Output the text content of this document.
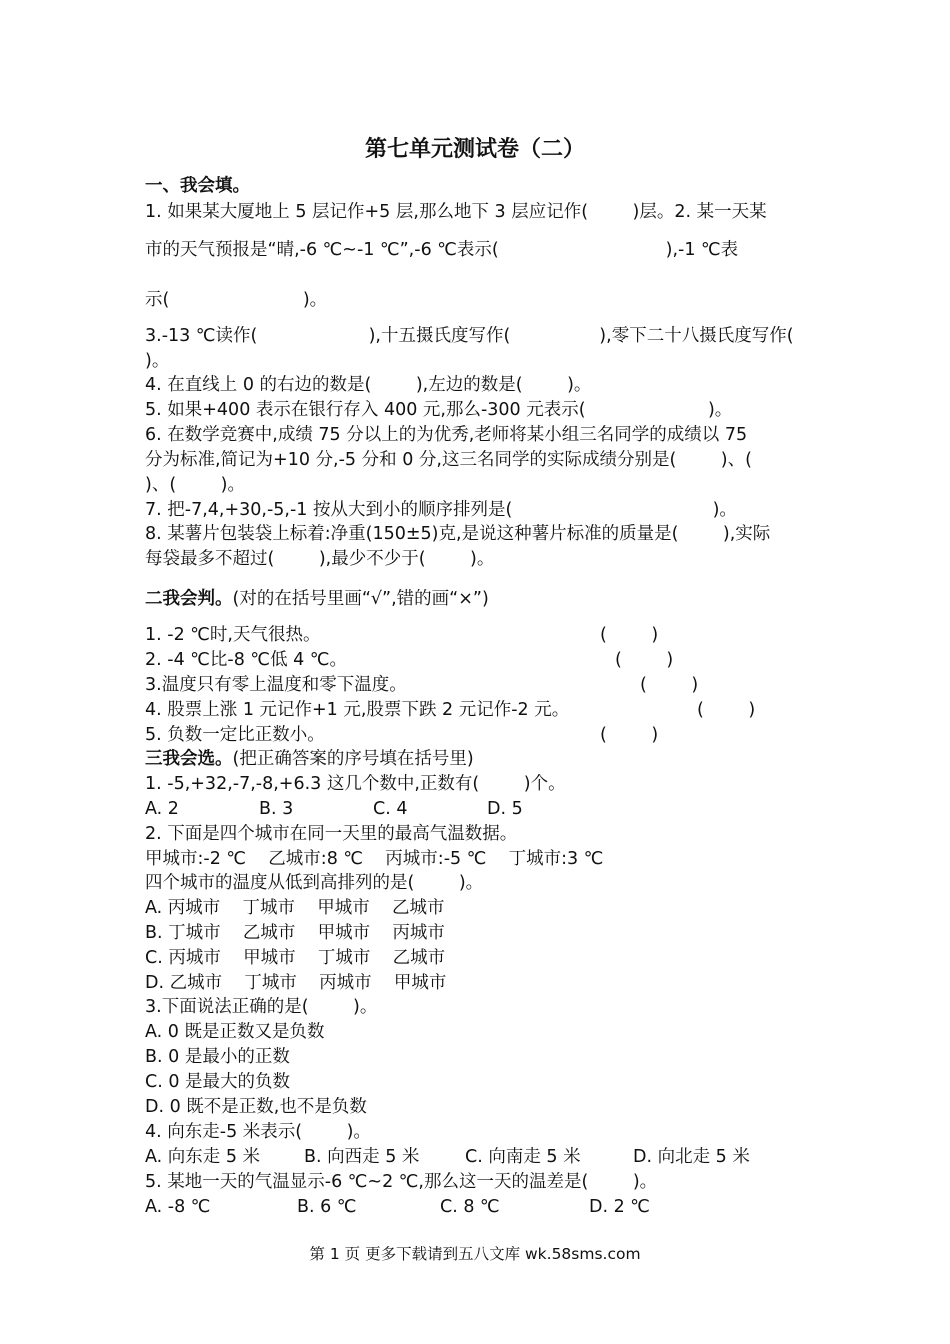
第七单元测试卷（二）
一、我会填。
1. 如果某大厦地上 5 层记作+5 层,那么地下 3 层应记作(        )层。2. 某一天某
市的天气预报是“晴,-6 ℃~-1 ℃”,-6 ℃表示(                              ),-1 ℃表
示(                        )。
3.-13 ℃读作(                    ),十五摄氏度写作(                ),零下二十八摄氏度写作(
)。
4. 在直线上 0 的右边的数是(        ),左边的数是(        )。
5. 如果+400 表示在银行存入 400 元,那么-300 元表示(                      )。
6. 在数学竞赛中,成绩 75 分以上的为优秀,老师将某小组三名同学的成绩以 75
分为标准,简记为+10 分,-5 分和 0 分,这三名同学的实际成绩分别是(        )、(
)、(        )。
7. 把-7,4,+30,-5,-1 按从大到小的顺序排列是(                                    )。
8. 某薯片包装袋上标着:净重(150±5)克,是说这种薯片标准的质量是(        ),实际
每袋最多不超过(        ),最少不少于(        )。
二我会判。(对的在括号里画“√”,错的画“×”)
1. -2 ℃时,天气很热。	(        )
2. -4 ℃比-8 ℃低 4 ℃。	(        )
3.温度只有零上温度和零下温度。	(        )
4. 股票上涨 1 元记作+1 元,股票下跌 2 元记作-2 元。	(        )
5. 负数一定比正数小。	(        )
三我会选。(把正确答案的序号填在括号里)
1. -5,+32,-7,-8,+6.3 这几个数中,正数有(        )个。

A. 2

	B. 3

	C. 4

	D. 5

2. 下面是四个城市在同一天里的最高气温数据。
甲城市:-2 ℃    乙城市:8 ℃    丙城市:-5 ℃    丁城市:3 ℃
四个城市的温度从低到高排列的是(        )。
A. 丙城市    丁城市    甲城市    乙城市
B. 丁城市    乙城市    甲城市    丙城市
C. 丙城市    甲城市    丁城市    乙城市
D. 乙城市    丁城市    丙城市    甲城市
3.下面说法正确的是(        )。
A. 0 既是正数又是负数
B. 0 是最小的正数
C. 0 是最大的负数
D. 0 既不是正数,也不是负数
4. 向东走-5 米表示(        )。

A. 向东走 5 米

	B. 向西走 5 米

	C. 向南走 5 米

	D. 向北走 5 米

5. 某地一天的气温显示-6 ℃~2 ℃,那么这一天的温差是(        )。

A. -8 ℃

	B. 6 ℃

	C. 8 ℃

	D. 2 ℃

第 1 页 更多下载请到五八文库 wk.58sms.com
